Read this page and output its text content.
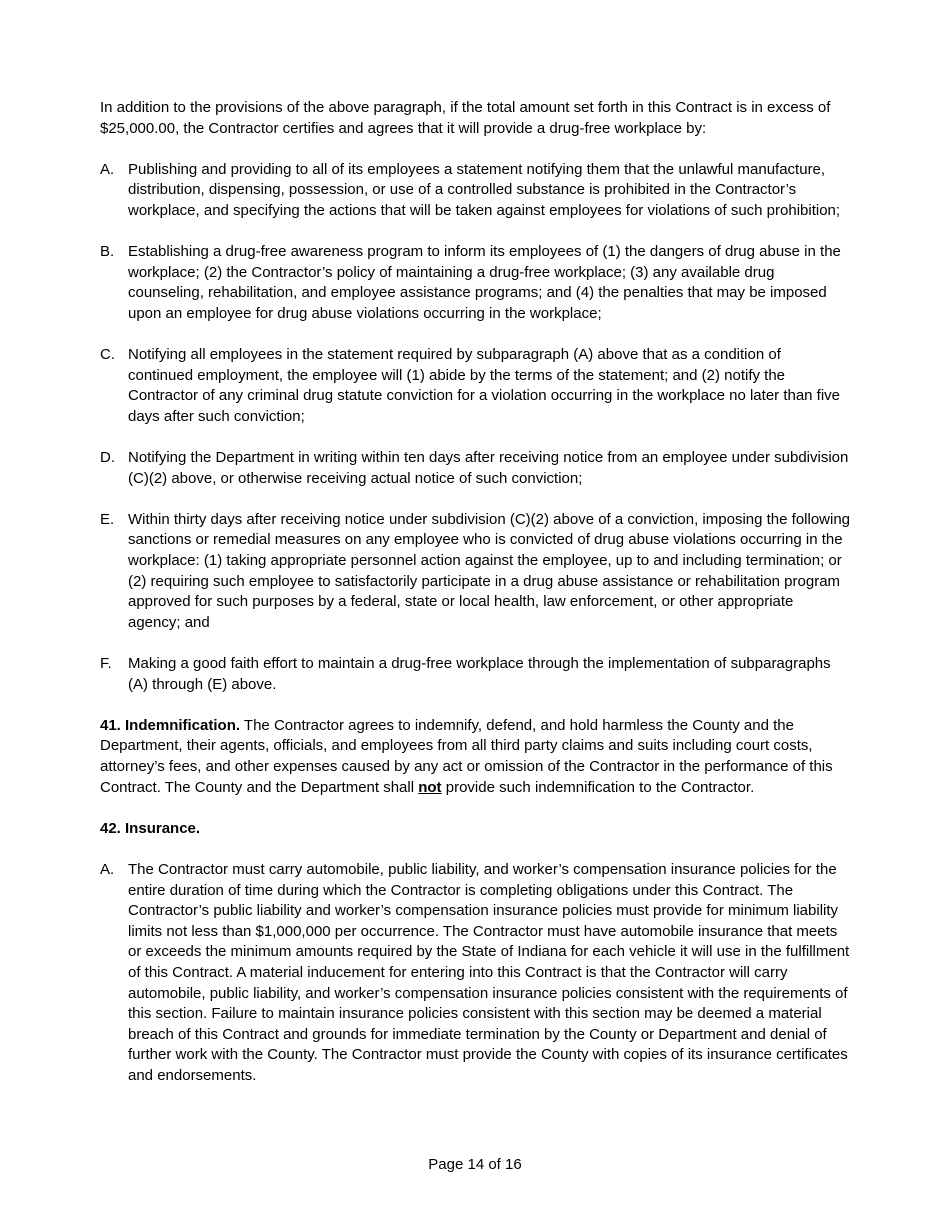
In addition to the provisions of the above paragraph, if the total amount set forth in this Contract is in excess of $25,000.00, the Contractor certifies and agrees that it will provide a drug-free workplace by:

A. Publishing and providing to all of its employees a statement notifying them that the unlawful manufacture, distribution, dispensing, possession, or use of a controlled substance is prohibited in the Contractor’s workplace, and specifying the actions that will be taken against employees for violations of such prohibition;

B. Establishing a drug-free awareness program to inform its employees of (1) the dangers of drug abuse in the workplace; (2) the Contractor’s policy of maintaining a drug-free workplace; (3) any available drug counseling, rehabilitation, and employee assistance programs; and (4) the penalties that may be imposed upon an employee for drug abuse violations occurring in the workplace;

C. Notifying all employees in the statement required by subparagraph (A) above that as a condition of continued employment, the employee will (1) abide by the terms of the statement; and (2) notify the Contractor of any criminal drug statute conviction for a violation occurring in the workplace no later than five days after such conviction;

D. Notifying the Department in writing within ten days after receiving notice from an employee under subdivision (C)(2) above, or otherwise receiving actual notice of such conviction;

E. Within thirty days after receiving notice under subdivision (C)(2) above of a conviction, imposing the following sanctions or remedial measures on any employee who is convicted of drug abuse violations occurring in the workplace: (1) taking appropriate personnel action against the employee, up to and including termination; or (2) requiring such employee to satisfactorily participate in a drug abuse assistance or rehabilitation program approved for such purposes by a federal, state or local health, law enforcement, or other appropriate agency; and

F. Making a good faith effort to maintain a drug-free workplace through the implementation of subparagraphs (A) through (E) above.

41. Indemnification. The Contractor agrees to indemnify, defend, and hold harmless the County and the Department, their agents, officials, and employees from all third party claims and suits including court costs, attorney’s fees, and other expenses caused by any act or omission of the Contractor in the performance of this Contract. The County and the Department shall not provide such indemnification to the Contractor.

42. Insurance.

A. The Contractor must carry automobile, public liability, and worker’s compensation insurance policies for the entire duration of time during which the Contractor is completing obligations under this Contract. The Contractor’s public liability and worker’s compensation insurance policies must provide for minimum liability limits not less than $1,000,000 per occurrence. The Contractor must have automobile insurance that meets or exceeds the minimum amounts required by the State of Indiana for each vehicle it will use in the fulfillment of this Contract. A material inducement for entering into this Contract is that the Contractor will carry automobile, public liability, and worker’s compensation insurance policies consistent with the requirements of this section. Failure to maintain insurance policies consistent with this section may be deemed a material breach of this Contract and grounds for immediate termination by the County or Department and denial of further work with the County. The Contractor must provide the County with copies of its insurance certificates and endorsements.

Page 14 of 16
